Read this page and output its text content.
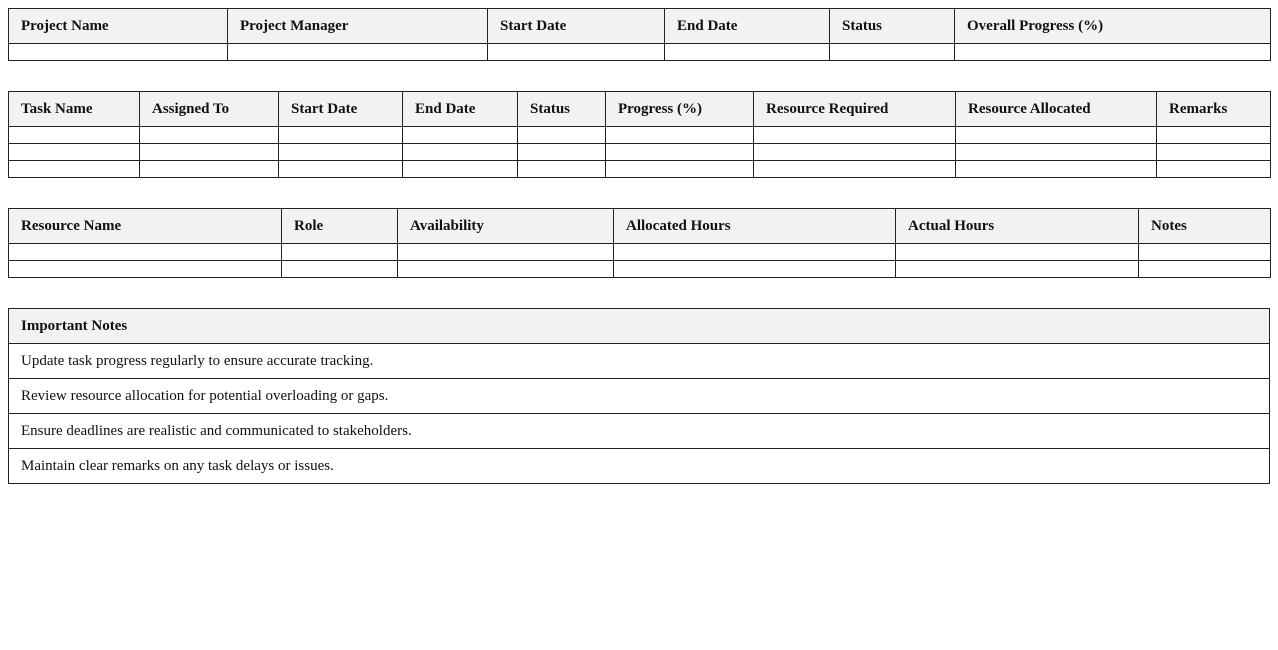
Project Name	Project Manager	Start Date	End Date	Status	Overall Progress (%)

Task Name	Assigned To	Start Date	End Date	Status	Progress (%)	Resource Required	Resource Allocated	Remarks

Resource Name	Role	Availability	Allocated Hours	Actual Hours	Notes

Important Notes
Update task progress regularly to ensure accurate tracking.
Review resource allocation for potential overloading or gaps.
Ensure deadlines are realistic and communicated to stakeholders.
Maintain clear remarks on any task delays or issues.
